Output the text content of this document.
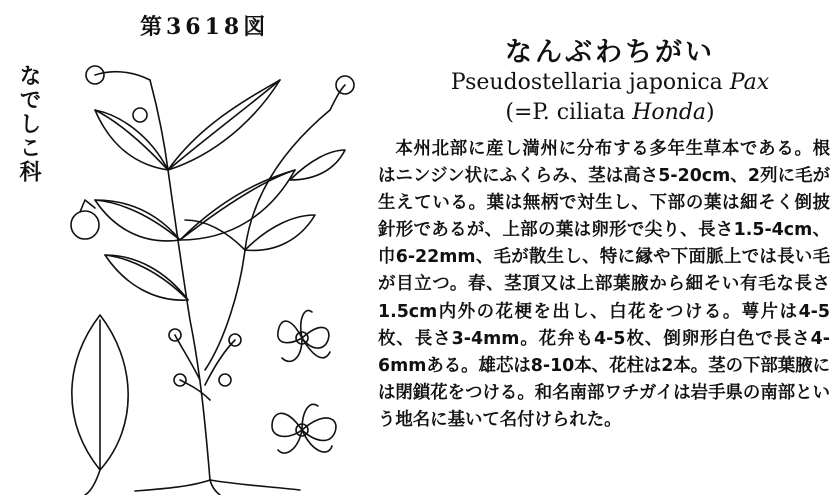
第3618図
なでしこ科
なんぶわちがい
Pseudostellaria japonica Pax
(=P. ciliata Honda)
本州北部に産し満州に分布する多年生草本である。根はニンジン状にふくらみ、茎は高さ5-20cm、2列に毛が生えている。葉は無柄で対生し、下部の葉は細そく倒披針形であるが、上部の葉は卵形で尖り、長さ1.5-4cm、巾6-22mm、毛が散生し、特に縁や下面脈上では長い毛が目立つ。春、茎頂又は上部葉腋から細そい有毛な長さ1.5cm内外の花梗を出し、白花をつける。萼片は4-5枚、長さ3-4mm。花弁も4-5枚、倒卵形白色で長さ4-6mmある。雄芯は8-10本、花柱は2本。茎の下部葉腋には閉鎖花をつける。和名南部ワチガイは岩手県の南部という地名に基いて名付けられた。
